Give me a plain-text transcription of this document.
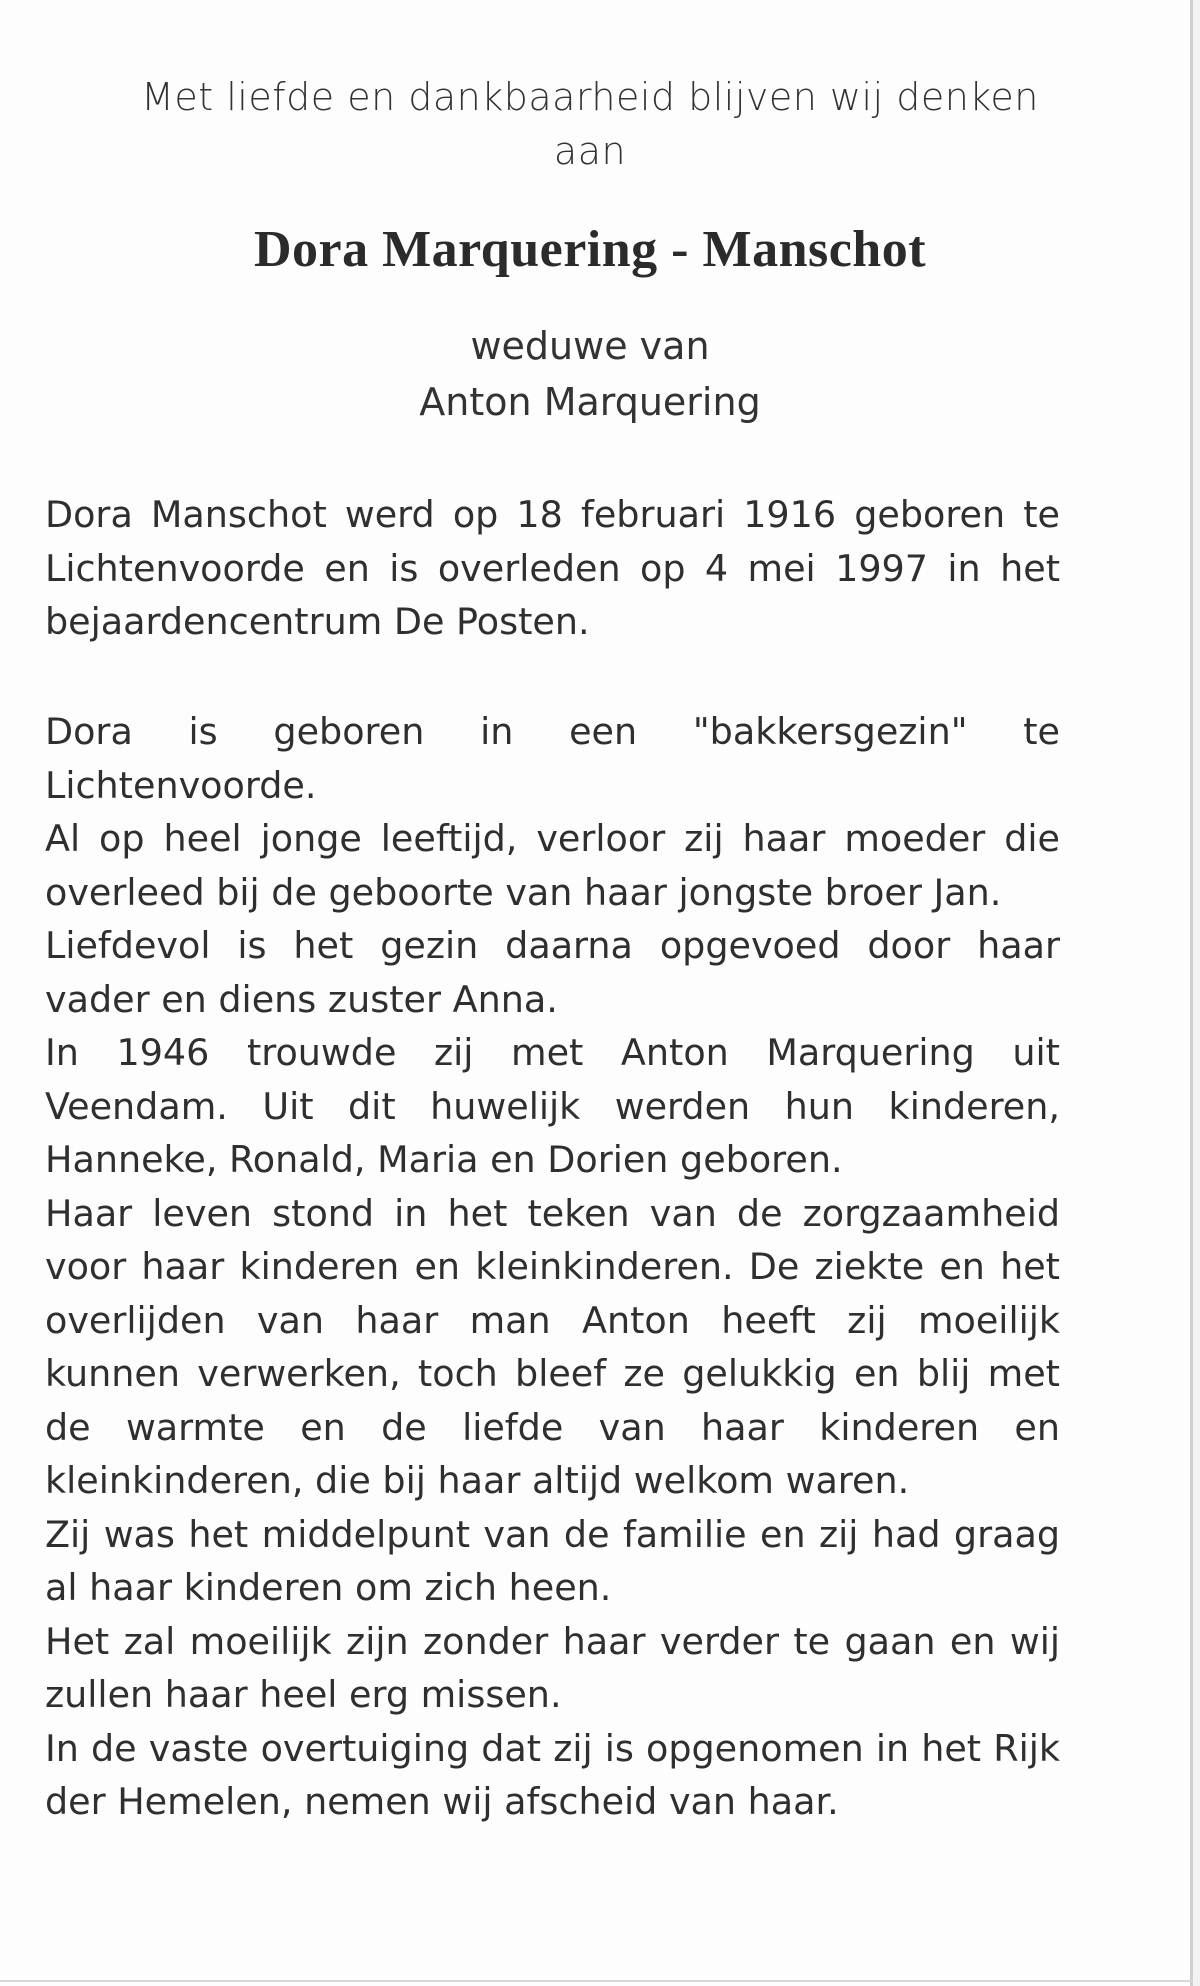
Met liefde en dankbaarheid blijven wij denken
aan
Dora Marquering - Manschot
weduwe van
Anton Marquering

Dora Manschot werd op 18 februari 1916 geboren te Lichtenvoorde en is overleden op 4 mei 1997 in het bejaardencentrum De Posten.

Dora is geboren in een "bakkersgezin" te Lichtenvoorde.

Al op heel jonge leeftijd, verloor zij haar moeder die overleed bij de geboorte van haar jongste broer Jan.

Liefdevol is het gezin daarna opgevoed door haar vader en diens zuster Anna.

In 1946 trouwde zij met Anton Marquering uit Veendam. Uit dit huwelijk werden hun kinderen, Hanneke, Ronald, Maria en Dorien geboren.

Haar leven stond in het teken van de zorgzaamheid voor haar kinderen en kleinkinderen. De ziekte en het overlijden van haar man Anton heeft zij moeilijk kunnen verwerken, toch bleef ze gelukkig en blij met de warmte en de liefde van haar kinderen en kleinkinderen, die bij haar altijd welkom waren.

Zij was het middelpunt van de familie en zij had graag al haar kinderen om zich heen.

Het zal moeilijk zijn zonder haar verder te gaan en wij zullen haar heel erg missen.

In de vaste overtuiging dat zij is opgenomen in het Rijk der Hemelen, nemen wij afscheid van haar.
